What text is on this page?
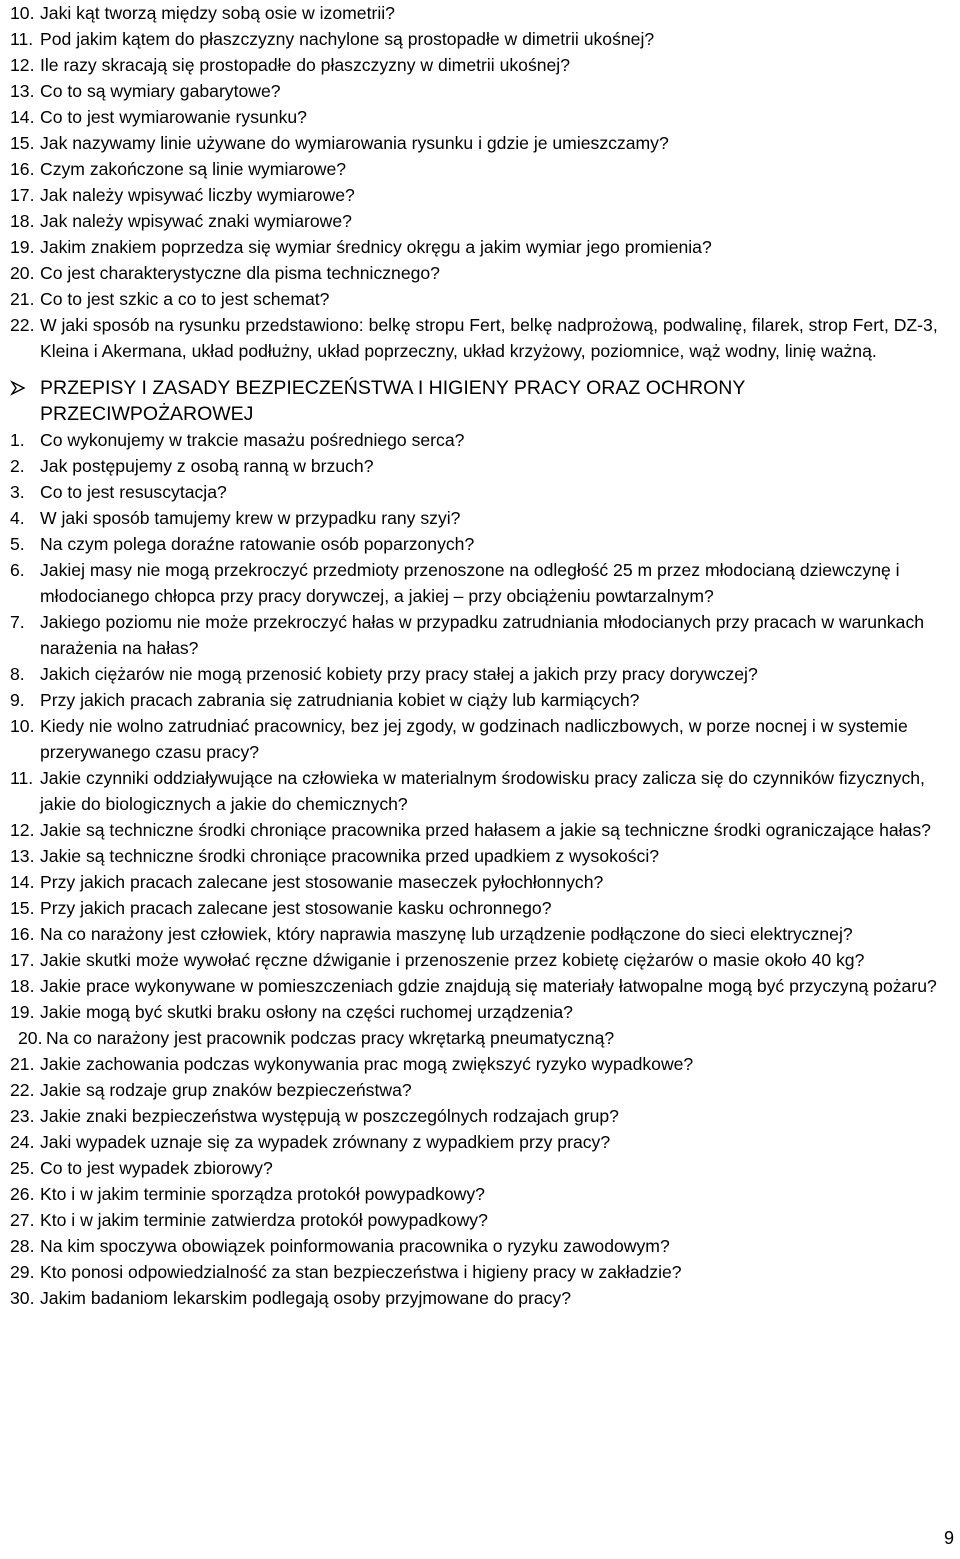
10. Jaki kąt tworzą między sobą osie w izometrii?
11. Pod jakim kątem do płaszczyzny nachylone są prostopadłe w dimetrii ukośnej?
12. Ile razy skracają się prostopadłe do płaszczyzny w dimetrii ukośnej?
13. Co to są wymiary gabarytowe?
14. Co to jest wymiarowanie rysunku?
15. Jak nazywamy linie używane do wymiarowania rysunku i gdzie je umieszczamy?
16. Czym zakończone są linie wymiarowe?
17. Jak należy wpisywać liczby wymiarowe?
18. Jak należy wpisywać znaki wymiarowe?
19. Jakim znakiem poprzedza się wymiar średnicy okręgu a jakim wymiar jego promienia?
20. Co jest charakterystyczne dla pisma technicznego?
21. Co to jest szkic a co to jest schemat?
22. W jaki sposób na rysunku przedstawiono: belkę stropu Fert, belkę nadprożową, podwalinę, filarek, strop Fert, DZ-3, Kleina i Akermana, układ podłużny, układ poprzeczny, układ krzyżowy, poziomnice, wąż wodny, linię ważną.
PRZEPISY I ZASADY BEZPIECZEŃSTWA I HIGIENY PRACY ORAZ OCHRONY PRZECIWPOŻAROWEJ
1. Co wykonujemy w trakcie masażu pośredniego serca?
2. Jak postępujemy z osobą ranną w brzuch?
3. Co to jest resuscytacja?
4. W jaki sposób tamujemy krew w przypadku rany szyi?
5. Na czym polega doraźne ratowanie osób poparzonych?
6. Jakiej masy nie mogą przekroczyć przedmioty przenoszone na odległość 25 m przez młodocianą dziewczynę i młodocianego chłopca przy pracy dorywczej, a jakiej – przy obciążeniu powtarzalnym?
7. Jakiego poziomu nie może przekroczyć hałas w przypadku zatrudniania młodocianych przy pracach w warunkach narażenia na hałas?
8. Jakich ciężarów nie mogą przenosić kobiety przy pracy stałej a jakich przy pracy dorywczej?
9. Przy jakich pracach zabrania się zatrudniania kobiet w ciąży lub karmiących?
10. Kiedy nie wolno zatrudniać pracownicy, bez jej zgody, w godzinach nadliczbowych, w porze nocnej i w systemie przerywanego czasu pracy?
11. Jakie czynniki oddziaływujące na człowieka w materialnym środowisku pracy zalicza się do czynników fizycznych, jakie do biologicznych a jakie do chemicznych?
12. Jakie są techniczne środki chroniące pracownika przed hałasem a jakie są techniczne środki ograniczające hałas?
13. Jakie są techniczne środki chroniące pracownika przed upadkiem z wysokości?
14. Przy jakich pracach zalecane jest stosowanie maseczek pyłochłonnych?
15. Przy jakich pracach zalecane jest stosowanie kasku ochronnego?
16. Na co narażony jest człowiek, który naprawia maszynę lub urządzenie podłączone do sieci elektrycznej?
17. Jakie skutki może wywołać ręczne dźwiganie i przenoszenie przez kobietę ciężarów o masie około 40 kg?
18. Jakie prace wykonywane w pomieszczeniach gdzie znajdują się materiały łatwopalne mogą być przyczyną pożaru?
19. Jakie mogą być skutki braku osłony na części ruchomej urządzenia?
20. Na co narażony jest pracownik podczas pracy wkrętarką pneumatyczną?
21. Jakie zachowania podczas wykonywania prac mogą zwiększyć ryzyko wypadkowe?
22. Jakie są rodzaje grup znaków bezpieczeństwa?
23. Jakie znaki bezpieczeństwa występują w poszczególnych rodzajach grup?
24. Jaki wypadek uznaje się za wypadek zrównany z wypadkiem przy pracy?
25. Co to jest wypadek zbiorowy?
26. Kto i w jakim terminie sporządza protokół powypadkowy?
27. Kto i w jakim terminie zatwierdza protokół powypadkowy?
28. Na kim spoczywa obowiązek poinformowania pracownika o ryzyku zawodowym?
29. Kto ponosi odpowiedzialność za stan bezpieczeństwa i higieny pracy w zakładzie?
30. Jakim badaniom lekarskim podlegają osoby przyjmowane do pracy?
9
